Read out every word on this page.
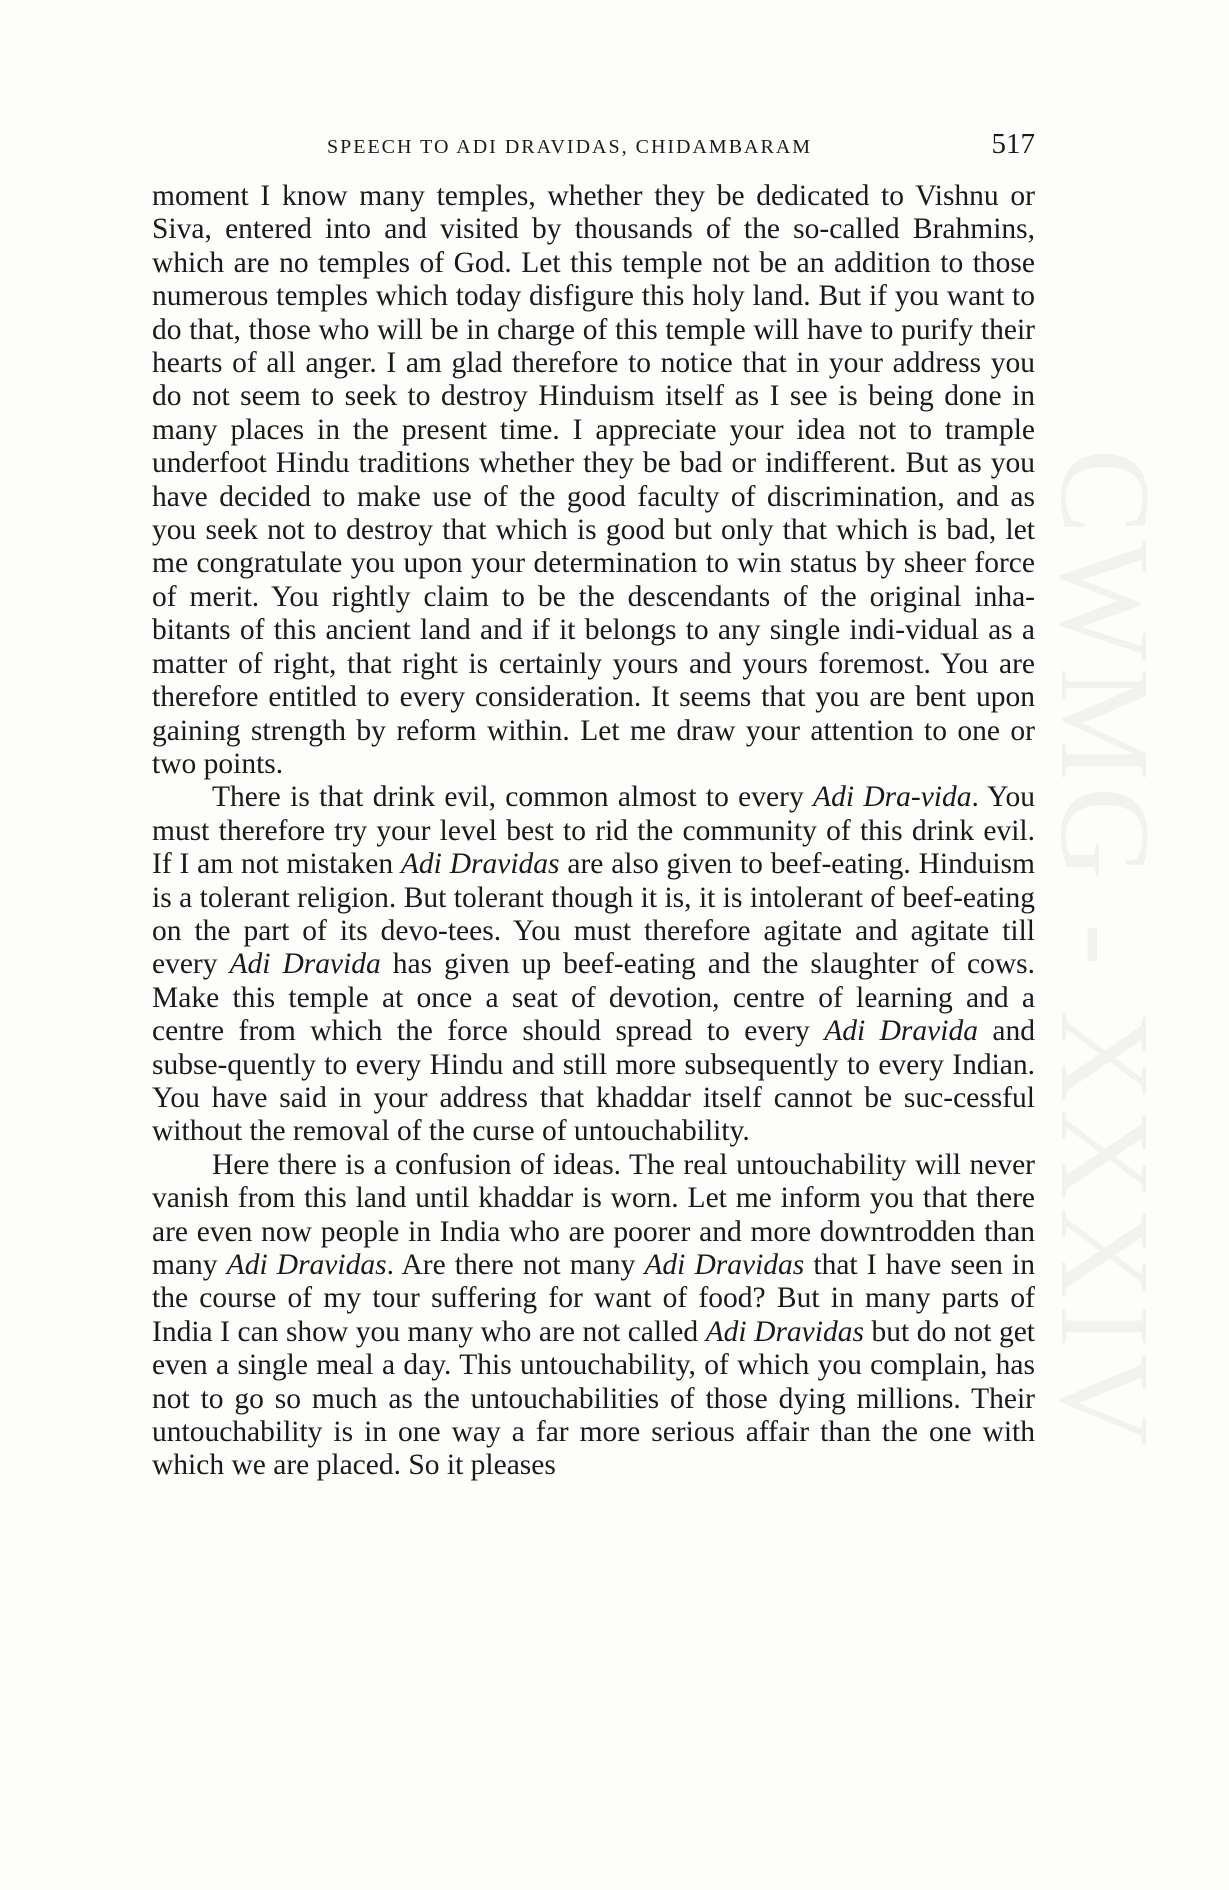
SPEECH TO ADI DRAVIDAS, CHIDAMBARAM	517

moment I know many temples, whether they be dedicated to Vishnu or Siva, entered into and visited by thousands of the so-called Brahmins, which are no temples of God. Let this temple not be an addition to those numerous temples which today disfigure this holy land. But if you want to do that, those who will be in charge of this temple will have to purify their hearts of all anger. I am glad therefore to notice that in your address you do not seem to seek to destroy Hinduism itself as I see is being done in many places in the present time. I appreciate your idea not to trample underfoot Hindu traditions whether they be bad or indifferent. But as you have decided to make use of the good faculty of discrimination, and as you seek not to destroy that which is good but only that which is bad, let me congratulate you upon your determination to win status by sheer force of merit. You rightly claim to be the descendants of the original inha-​bitants of this ancient land and if it belongs to any single indi-​vidual as a matter of right, that right is certainly yours and yours foremost. You are therefore entitled to every consideration. It seems that you are bent upon gaining strength by reform within. Let me draw your attention to one or two points.

There is that drink evil, common almost to every Adi Dra-​vida. You must therefore try your level best to rid the community of this drink evil. If I am not mistaken Adi Dravidas are also given to beef-eating. Hinduism is a tolerant religion. But tolerant though it is, it is intolerant of beef-eating on the part of its devo-​tees. You must therefore agitate and agitate till every Adi Dravida has given up beef-eating and the slaughter of cows. Make this temple at once a seat of devotion, centre of learning and a centre from which the force should spread to every Adi Dravida and subse-​quently to every Hindu and still more subsequently to every Indian. You have said in your address that khaddar itself cannot be suc-​cessful without the removal of the curse of untouchability.

Here there is a confusion of ideas. The real untouchability will never vanish from this land until khaddar is worn. Let me inform you that there are even now people in India who are poorer and more downtrodden than many Adi Dravidas. Are there not many Adi Dravidas that I have seen in the course of my tour suffering for want of food? But in many parts of India I can show you many who are not called Adi Dravidas but do not get even a single meal a day. This untouchability, of which you complain, has not to go so much as the untouchabilities of those dying millions. Their untouchability is in one way a far more serious affair than the one with which we are placed. So it pleases
